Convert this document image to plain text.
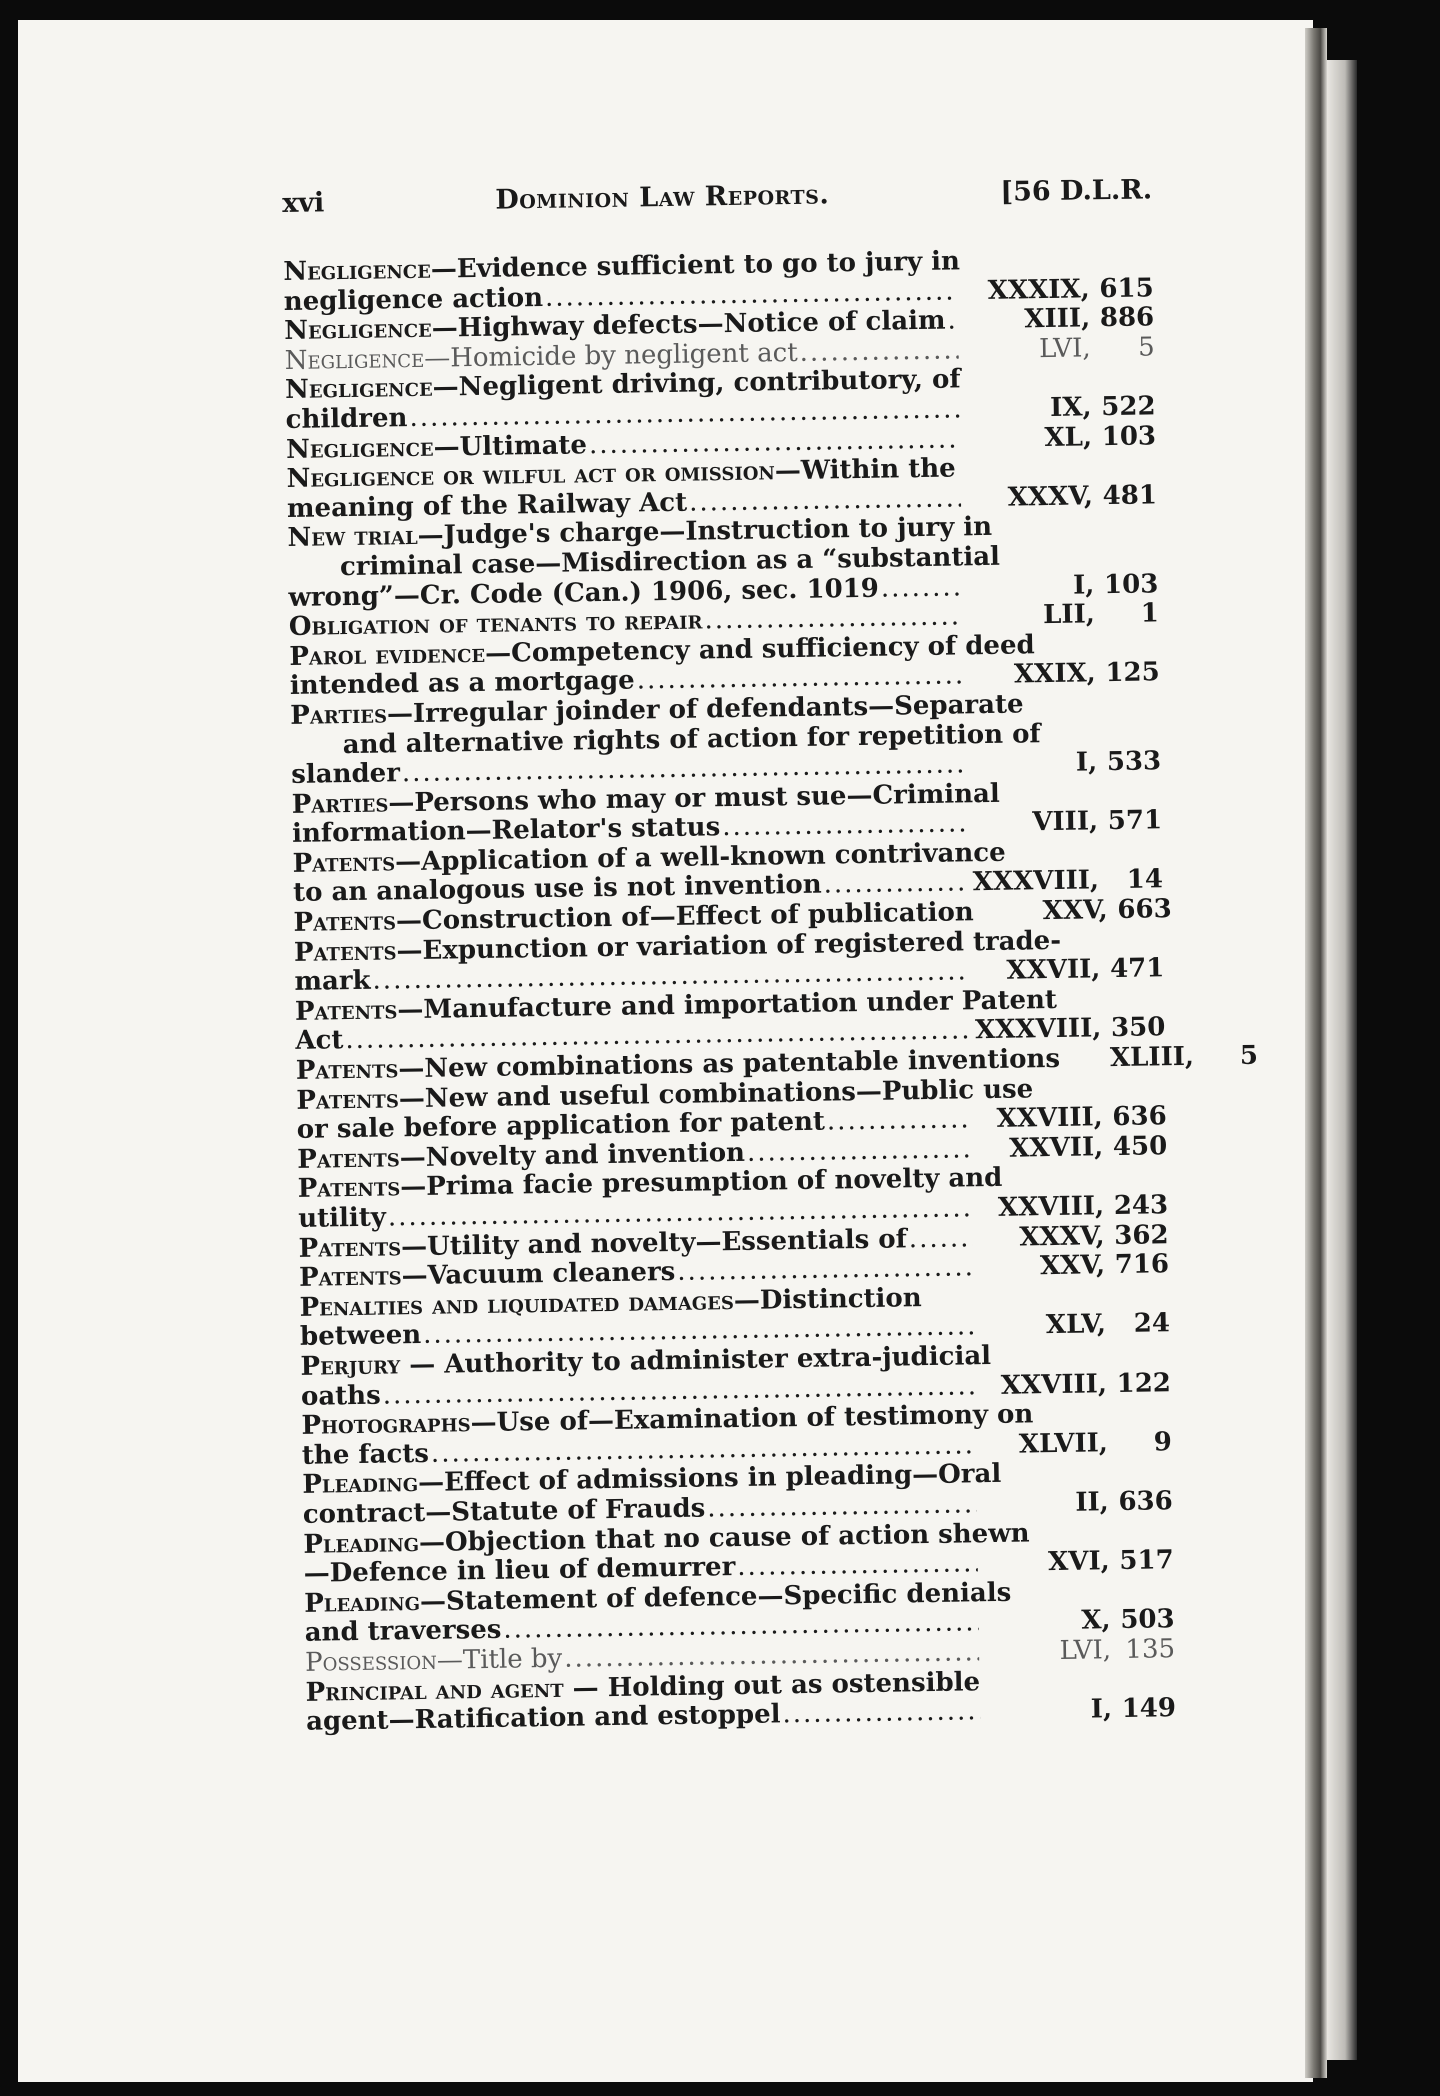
xvi	Dominion Law Reports.	[56 D.L.R.
Negligence—Evidence sufficient to go to jury in
negligence action .....	XXXIX, 615
Negligence—Highway defects—Notice of claim .....	XIII, 886
Negligence—Homicide by negligent act .....	LVI,	5
Negligence—Negligent driving, contributory, of
children .....	IX, 522
Negligence—Ultimate .....	XL, 103
Negligence or wilful act or omission—Within the
meaning of the Railway Act .....	XXXV, 481
New trial—Judge's charge—Instruction to jury in
criminal case—Misdirection as a “substantial
wrong”—Cr. Code (Can.) 1906, sec. 1019 .....	I, 103
Obligation of tenants to repair .....	LII,	1
Parol evidence—Competency and sufficiency of deed
intended as a mortgage .....	XXIX, 125
Parties—Irregular joinder of defendants—Separate
and alternative rights of action for repetition of
slander .....	I, 533
Parties—Persons who may or must sue—Criminal
information—Relator's status .....	VIII, 571
Patents—Application of a well-known contrivance
to an analogous use is not invention .....	XXXVIII,	14
Patents—Construction of—Effect of publication .....	XXV, 663
Patents—Expunction or variation of registered trade-
mark .....	XXVII, 471
Patents—Manufacture and importation under Patent
Act .....	XXXVIII, 350
Patents—New combinations as patentable inventions .....	XLIII,	5
Patents—New and useful combinations—Public use
or sale before application for patent .....	XXVIII, 636
Patents—Novelty and invention .....	XXVII, 450
Patents—Prima facie presumption of novelty and
utility .....	XXVIII, 243
Patents—Utility and novelty—Essentials of .....	XXXV, 362
Patents—Vacuum cleaners .....	XXV, 716
Penalties and liquidated damages—Distinction
between .....	XLV,	24
Perjury — Authority to administer extra-judicial
oaths .....	XXVIII, 122
Photographs—Use of—Examination of testimony on
the facts .....	XLVII,	9
Pleading—Effect of admissions in pleading—Oral
contract—Statute of Frauds .....	II, 636
Pleading—Objection that no cause of action shewn
—Defence in lieu of demurrer .....	XVI, 517
Pleading—Statement of defence—Specific denials
and traverses .....	X, 503
Possession—Title by .....	LVI, 135
Principal and agent — Holding out as ostensible
agent—Ratification and estoppel .....	I, 149
